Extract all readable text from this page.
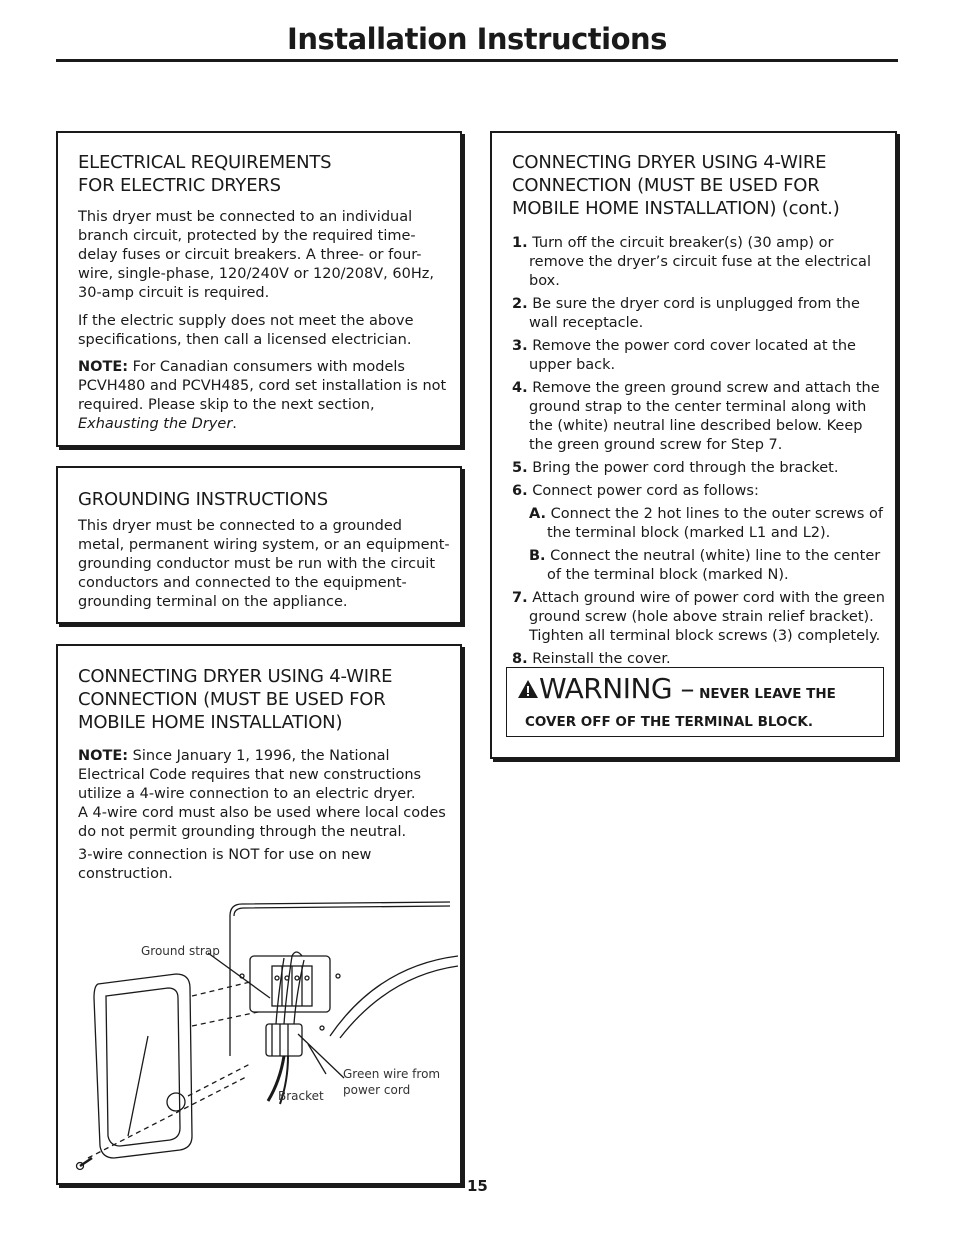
Installation Instructions
ELECTRICAL REQUIREMENTS
FOR ELECTRIC DRYERS

This dryer must be connected to an individual branch circuit, protected by the required time-delay fuses or circuit breakers. A three- or four-wire, single-phase, 120/240V or 120/208V, 60Hz, 30-amp circuit is required.

If the electric supply does not meet the above specifications, then call a licensed electrician.

NOTE: For Canadian consumers with models PCVH480 and PCVH485, cord set installation is not required. Please skip to the next section, Exhausting the Dryer.

GROUNDING INSTRUCTIONS

This dryer must be connected to a grounded metal, permanent wiring system, or an equipment-grounding conductor must be run with the circuit conductors and connected to the equipment-grounding terminal on the appliance.

CONNECTING DRYER USING 4-WIRE
CONNECTION (MUST BE USED FOR
MOBILE HOME INSTALLATION)

NOTE: Since January 1, 1996, the National Electrical Code requires that new constructions utilize a 4-wire connection to an electric dryer.
A 4-wire cord must also be used where local codes do not permit grounding through the neutral.

3-wire connection is NOT for use on new construction.

Ground strap
Bracket
Green wire from
power cord
CONNECTING DRYER USING 4-WIRE
CONNECTION (MUST BE USED FOR
MOBILE HOME INSTALLATION) (cont.)
1. Turn off the circuit breaker(s) (30 amp) or remove the dryer’s circuit fuse at the electrical box.
2. Be sure the dryer cord is unplugged from the wall receptacle.
3. Remove the power cord cover located at the upper back.
4. Remove the green ground screw and attach the ground strap to the center terminal along with the (white) neutral line described below. Keep the green ground screw for Step 7.
5. Bring the power cord through the bracket.
6. Connect power cord as follows:
A. Connect the 2 hot lines to the outer screws of the terminal block (marked L1 and L2).
B. Connect the neutral (white) line to the center of the terminal block (marked N).
7. Attach ground wire of power cord with the green ground screw (hole above strain relief bracket). Tighten all terminal block screws (3) completely.
8. Reinstall the cover.
WARNING – NEVER LEAVE THE
COVER OFF OF THE TERMINAL BLOCK.
15
